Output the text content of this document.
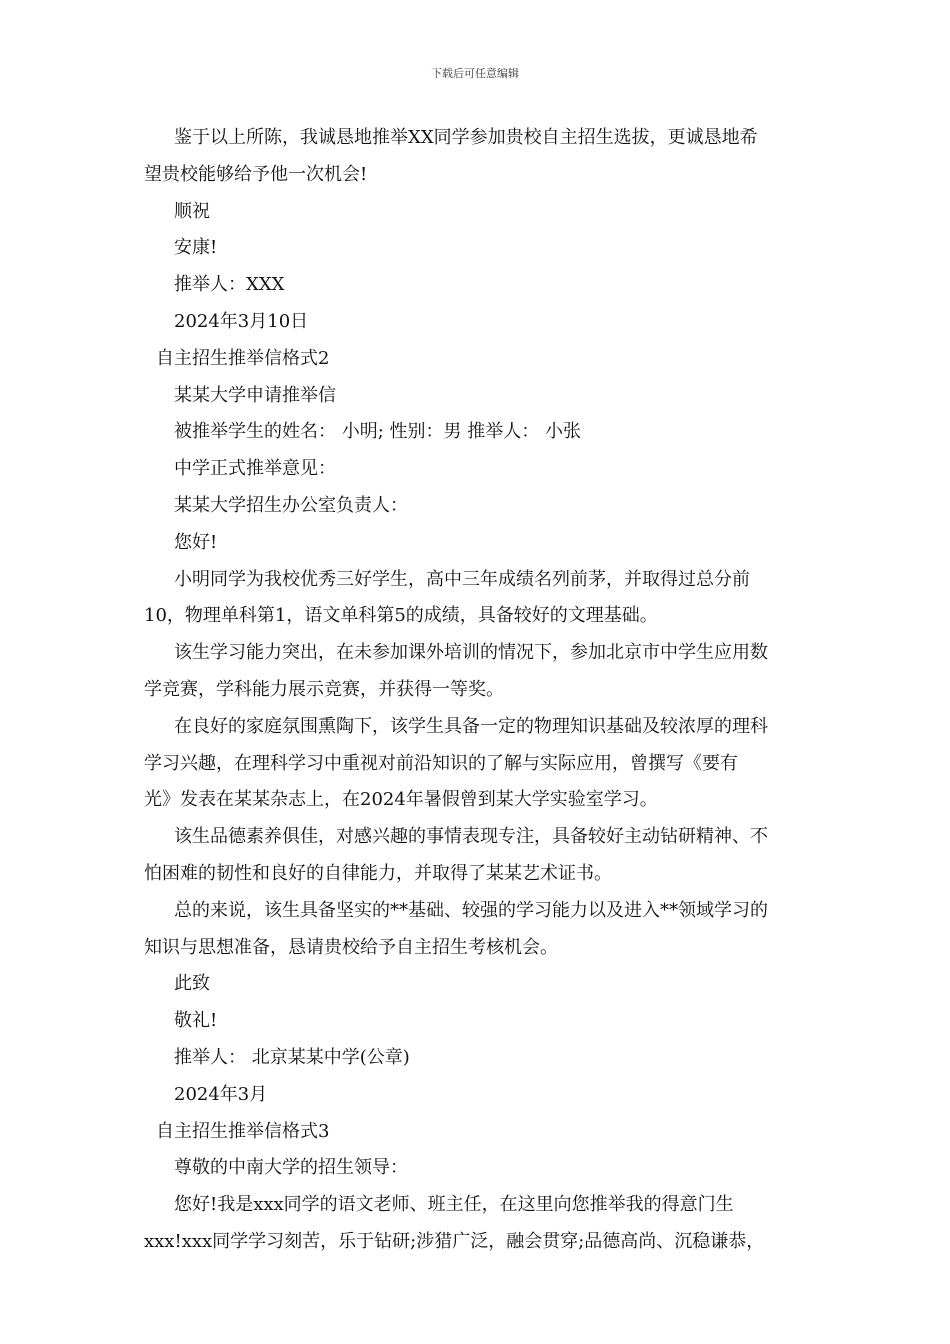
下载后可任意编辑
鉴于以上所陈，我诚恳地推举XX同学参加贵校自主招生选拔，更诚恳地希
望贵校能够给予他一次机会!
顺祝
安康!
推举人：XXX
2024年3月10日
自主招生推举信格式2
某某大学申请推举信
被推举学生的姓名： 小明; 性别：男 推举人： 小张
中学正式推举意见：
某某大学招生办公室负责人：
您好!
小明同学为我校优秀三好学生，高中三年成绩名列前茅，并取得过总分前
10，物理单科第1，语文单科第5的成绩，具备较好的文理基础。
该生学习能力突出，在未参加课外培训的情况下，参加北京市中学生应用数
学竞赛，学科能力展示竞赛，并获得一等奖。
在良好的家庭氛围熏陶下，该学生具备一定的物理知识基础及较浓厚的理科
学习兴趣，在理科学习中重视对前沿知识的了解与实际应用，曾撰写《要有
光》发表在某某杂志上，在2024年暑假曾到某大学实验室学习。
该生品德素养俱佳，对感兴趣的事情表现专注，具备较好主动钻研精神、不
怕困难的韧性和良好的自律能力，并取得了某某艺术证书。
总的来说，该生具备坚实的**基础、较强的学习能力以及进入**领域学习的
知识与思想准备，恳请贵校给予自主招生考核机会。
此致
敬礼!
推举人： 北京某某中学(公章)
2024年3月
自主招生推举信格式3
尊敬的中南大学的招生领导：
您好!我是xxx同学的语文老师、班主任，在这里向您推举我的得意门生
xxx!xxx同学学习刻苦，乐于钻研;涉猎广泛，融会贯穿;品德高尚、沉稳谦恭，
